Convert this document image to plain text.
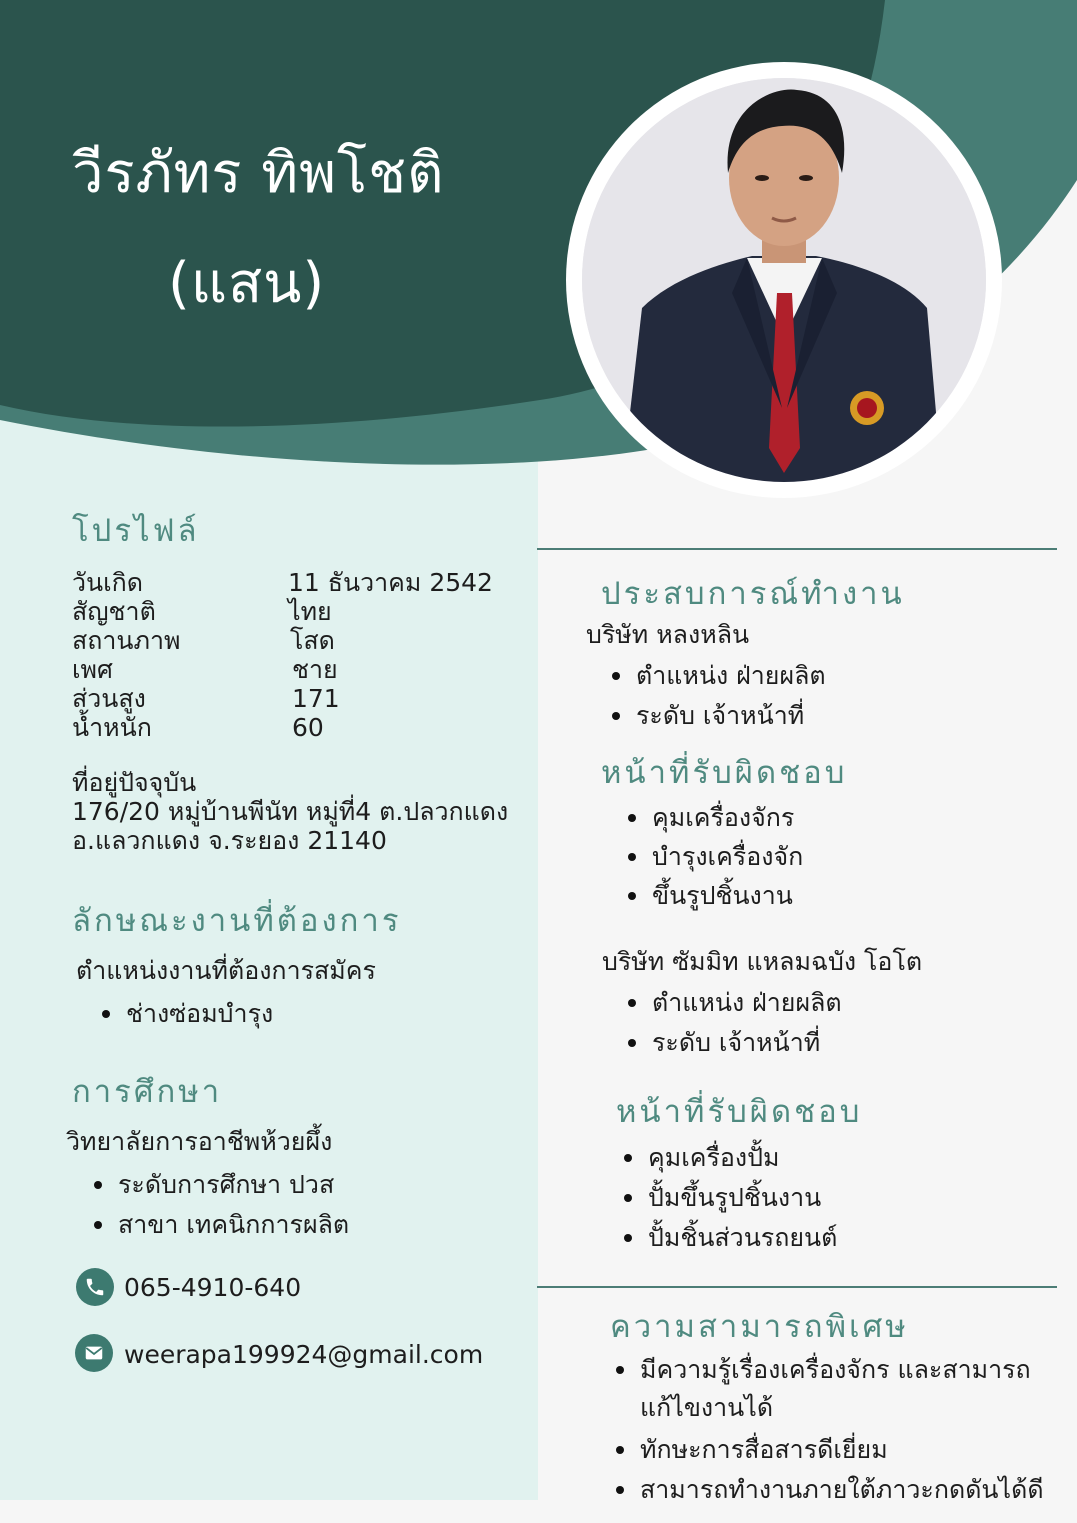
วีรภัทร ทิพโชติ
(แสน)
โปรไฟล์
วันเกิด	11 ธันวาคม 2542
สัญชาติ	ไทย
สถานภาพ	โสด
เพศ	ชาย
ส่วนสูง	171
น้ำหนัก	60
ที่อยู่ปัจจุบัน
176/20 หมู่บ้านพีนัท หมู่ที่4 ต.ปลวกแดง
อ.แลวกแดง จ.ระยอง 21140
ลักษณะงานที่ต้องการ
ตำแหน่งงานที่ต้องการสมัคร
ช่างซ่อมบำรุง
การศึกษา
วิทยาลัยการอาชีพห้วยผึ้ง
ระดับการศึกษา ปวส
สาขา เทคนิกการผลิต
065-4910-640
weerapa199924@gmail.com
ประสบการณ์ทำงาน
บริษัท หลงหลิน
ตำแหน่ง ฝ่ายผลิต
ระดับ เจ้าหน้าที่
หน้าที่รับผิดชอบ
คุมเครื่องจักร
บำรุงเครื่องจัก
ขึ้นรูปชิ้นงาน
บริษัท ซัมมิท แหลมฉบัง โอโต
ตำแหน่ง ฝ่ายผลิต
ระดับ เจ้าหน้าที่
หน้าที่รับผิดชอบ
คุมเครื่องปั้ม
ปั้มขึ้นรูปชิ้นงาน
ปั้มชิ้นส่วนรถยนต์
ความสามารถพิเศษ
มีความรู้เรื่องเครื่องจักร และสามารถ
แก้ไขงานได้
ทักษะการสื่อสารดีเยี่ยม
สามารถทำงานภายใต้ภาวะกดดันได้ดี
